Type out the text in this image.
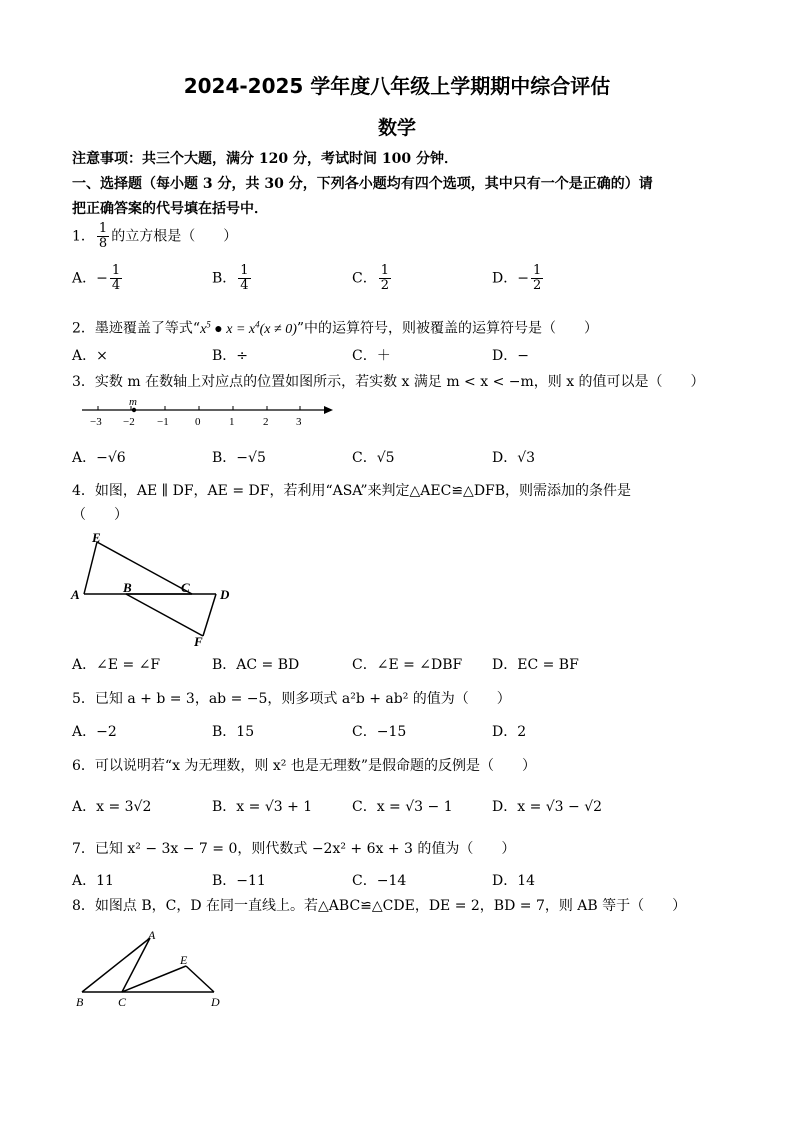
2024-2025 学年度八年级上学期期中综合评估
数学
注意事项：共三个大题，满分 120 分，考试时间 100 分钟．
一、选择题（每小题 3 分，共 30 分，下列各小题均有四个选项，其中只有一个是正确的）请
把正确答案的代号填在括号中．
1． $\frac{1}{8}$ 的立方根是（　　）
A．− $\frac{1}{4}$	B． $\frac{1}{4}$	C． $\frac{1}{2}$	D．− $\frac{1}{2}$
2．墨迹覆盖了等式“$x^5$ ● $x = x^4(x \ne 0)$”中的运算符号，则被覆盖的运算符号是（　　）
A．×	B．÷	C．＋	D．−
3．实数 m 在数轴上对应点的位置如图所示，若实数 x 满足 m < x < −m，则 x 的值可以是（　　）
m
−3 −2 −1 0	1	2	3
A．−√6	B．−√5	C．√5	D．√3
4．如图，AE ∥ DF，AE = DF，若利用“ASA”来判定△AEC≌△DFB，则需添加的条件是
（　　）
E
A	B	C D
F
A．∠E = ∠F	B．AC = BD	C．∠E = ∠DBF D．EC = BF
5．已知 a + b = 3，ab = −5，则多项式 a²b + ab² 的值为（　　）
A．−2	B．15	C．−15	D．2
6．可以说明若“x 为无理数，则 x² 也是无理数”是假命题的反例是（　　）
A．x = 3√2	B．x = √3 + 1	C．x = √3 − 1	D．x = √3 − √2
7．已知 x² − 3x − 7 = 0，则代数式 −2x² + 6x + 3 的值为（　　）
A．11	B．−11	C．−14	D．14
8．如图点 B，C，D 在同一直线上。若△ABC≌△CDE，DE = 2，BD = 7，则 AB 等于（　　）
A
E
B	C	D
